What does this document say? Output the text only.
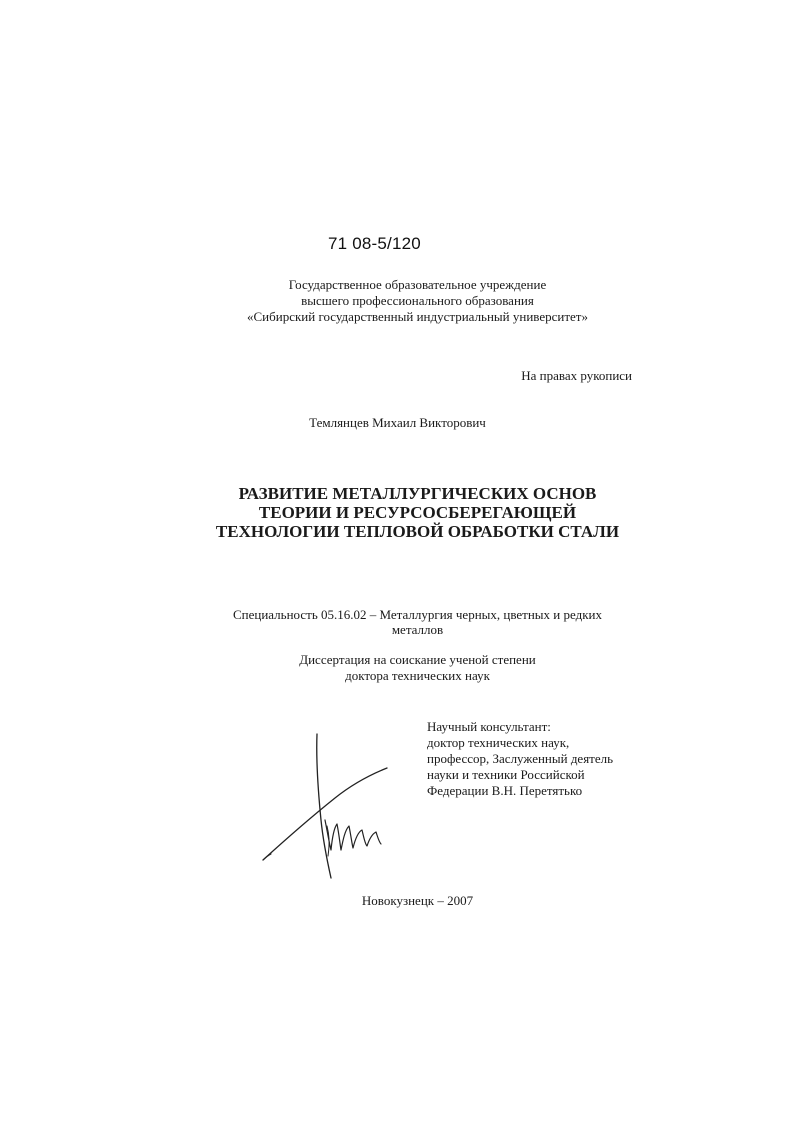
71 08-5/120
Государственное образовательное учреждение
высшего профессионального образования
«Сибирский государственный индустриальный университет»
На правах рукописи
Темлянцев Михаил Викторович
РАЗВИТИЕ МЕТАЛЛУРГИЧЕСКИХ ОСНОВ
ТЕОРИИ И РЕСУРСОСБЕРЕГАЮЩЕЙ
ТЕХНОЛОГИИ ТЕПЛОВОЙ ОБРАБОТКИ СТАЛИ
Специальность 05.16.02 – Металлургия черных, цветных и редких
металлов
Диссертация на соискание ученой степени
доктора технических наук
Научный консультант:
доктор технических наук,
профессор, Заслуженный деятель
науки и техники Российской
Федерации В.Н. Перетятько
Новокузнецк – 2007
